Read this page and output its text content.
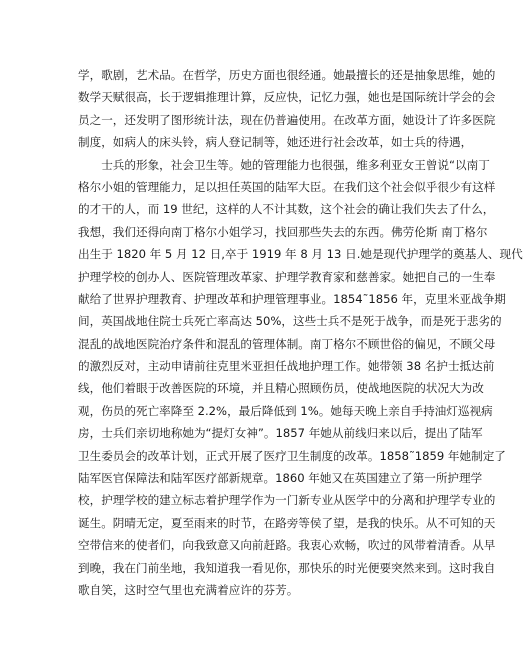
学，歌剧，艺术品。在哲学，历史方面也很经通。她最擅长的还是抽象思维，她的
数学天赋很高，长于逻辑推理计算，反应快，记忆力强，她也是国际统计学会的会
员之一，还发明了图形统计法，现在仍普遍使用。在改革方面，她设计了许多医院
制度，如病人的床头铃，病人登记制等，她还进行社会改革，如士兵的待遇，
　　士兵的形象，社会卫生等。她的管理能力也很强，维多利亚女王曾说“以南丁
格尔小姐的管理能力，足以担任英国的陆军大臣。在我们这个社会似乎很少有这样
的才干的人，而 19 世纪，这样的人不计其数，这个社会的确让我们失去了什么，
我想，我们还得向南丁格尔小姐学习，找回那些失去的东西。佛劳伦斯 南丁格尔
出生于 1820 年 5 月 12 日,卒于 1919 年 8 月 13 日.她是现代护理学的奠基人、现代
护理学校的创办人、医院管理改革家、护理学教育家和慈善家。她把自己的一生奉
献给了世界护理教育、护理改革和护理管理事业。1854˜1856 年，克里米亚战争期
间，英国战地住院士兵死亡率高达 50%，这些士兵不是死于战争，而是死于悲劣的
混乱的战地医院治疗条件和混乱的管理体制。南丁格尔不顾世俗的偏见，不顾父母
的激烈反对，主动申请前往克里米亚担任战地护理工作。她带领 38 名护士抵达前
线，他们着眼于改善医院的环境，并且精心照顾伤员，使战地医院的状况大为改
观，伤员的死亡率降至 2.2%，最后降低到 1%。她每天晚上亲自手持油灯巡视病
房，士兵们亲切地称她为“提灯女神”。1857 年她从前线归来以后，提出了陆军
卫生委员会的改革计划，正式开展了医疗卫生制度的改革。1858˜1859 年她制定了
陆军医官保障法和陆军医疗部新规章。1860 年她又在英国建立了第一所护理学
校，护理学校的建立标志着护理学作为一门新专业从医学中的分离和护理学专业的
诞生。阴晴无定，夏至雨来的时节，在路旁等侯了望，是我的快乐。从不可知的天
空带信来的使者们，向我致意又向前赶路。我衷心欢畅，吹过的风带着清香。从早
到晚，我在门前坐地，我知道我一看见你，那快乐的时光便要突然来到。这时我自
歌自笑，这时空气里也充满着应许的芬芳。
